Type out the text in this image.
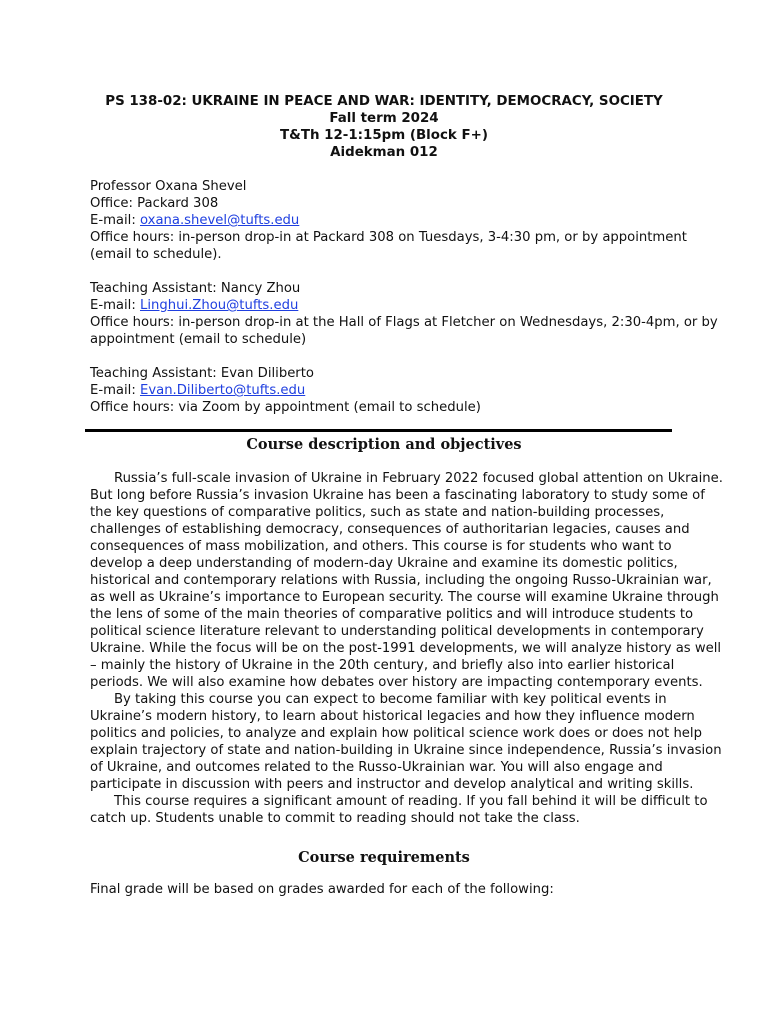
PS 138-02: UKRAINE IN PEACE AND WAR: IDENTITY, DEMOCRACY, SOCIETY
Fall term 2024
T&Th 12-1:15pm (Block F+)
Aidekman 012
Professor Oxana Shevel
Office: Packard 308
E-mail: oxana.shevel@tufts.edu
Office hours: in-person drop-in at Packard 308 on Tuesdays, 3-4:30 pm, or by appointment
(email to schedule).
Teaching Assistant: Nancy Zhou
E-mail: Linghui.Zhou@tufts.edu
Office hours: in-person drop-in at the Hall of Flags at Fletcher on Wednesdays, 2:30-4pm, or by
appointment (email to schedule)
Teaching Assistant: Evan Diliberto
E-mail: Evan.Diliberto@tufts.edu
Office hours: via Zoom by appointment (email to schedule)
Course description and objectives
Russia’s full-scale invasion of Ukraine in February 2022 focused global attention on Ukraine.
But long before Russia’s invasion Ukraine has been a fascinating laboratory to study some of
the key questions of comparative politics, such as state and nation-building processes,
challenges of establishing democracy, consequences of authoritarian legacies, causes and
consequences of mass mobilization, and others. This course is for students who want to
develop a deep understanding of modern-day Ukraine and examine its domestic politics,
historical and contemporary relations with Russia, including the ongoing Russo-Ukrainian war,
as well as Ukraine’s importance to European security. The course will examine Ukraine through
the lens of some of the main theories of comparative politics and will introduce students to
political science literature relevant to understanding political developments in contemporary
Ukraine. While the focus will be on the post-1991 developments, we will analyze history as well
– mainly the history of Ukraine in the 20th century, and briefly also into earlier historical
periods. We will also examine how debates over history are impacting contemporary events.
By taking this course you can expect to become familiar with key political events in
Ukraine’s modern history, to learn about historical legacies and how they influence modern
politics and policies, to analyze and explain how political science work does or does not help
explain trajectory of state and nation-building in Ukraine since independence, Russia’s invasion
of Ukraine, and outcomes related to the Russo-Ukrainian war. You will also engage and
participate in discussion with peers and instructor and develop analytical and writing skills.
This course requires a significant amount of reading. If you fall behind it will be difficult to
catch up. Students unable to commit to reading should not take the class.
Course requirements
Final grade will be based on grades awarded for each of the following:
